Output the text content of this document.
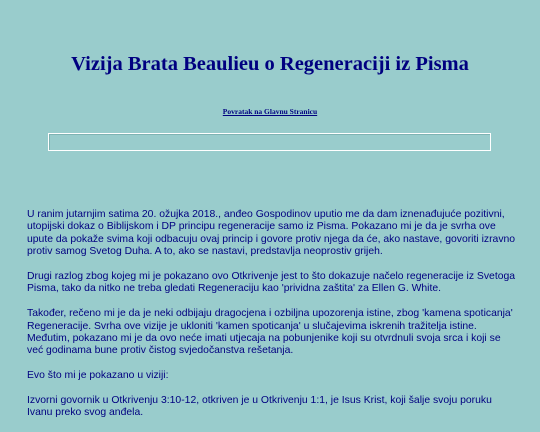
Vizija Brata Beaulieu o Regeneraciji iz Pisma
Povratak na Glavnu Stranicu

U ranim jutarnjim satima 20. ožujka 2018., anđeo Gospodinov uputio me da dam iznenađujuće pozitivni, utopijski dokaz o Biblijskom i DP principu regeneracije samo iz Pisma. Pokazano mi je da je svrha ove upute da pokaže svima koji odbacuju ovaj princip i govore protiv njega da će, ako nastave, govoriti izravno protiv samog Svetog Duha. A to, ako se nastavi, predstavlja neoprostiv grijeh.

Drugi razlog zbog kojeg mi je pokazano ovo Otkrivenje jest to što dokazuje načelo regeneracije iz Svetoga Pisma, tako da nitko ne treba gledati Regeneraciju kao 'prividna zaštita' za Ellen G. White.

Također, rečeno mi je da je neki odbijaju dragocjena i ozbiljna upozorenja istine, zbog 'kamena spoticanja' Regeneracije. Svrha ove vizije je ukloniti 'kamen spoticanja' u slučajevima iskrenih tražitelja istine. Međutim, pokazano mi je da ovo neće imati utjecaja na pobunjenike koji su otvrdnuli svoja srca i koji se već godinama bune protiv čistog svjedočanstva rešetanja.

Evo što mi je pokazano u viziji:

Izvorni govornik u Otkrivenju 3:10-12, otkriven je u Otkrivenju 1:1, je Isus Krist, koji šalje svoju poruku Ivanu preko svog anđela.
